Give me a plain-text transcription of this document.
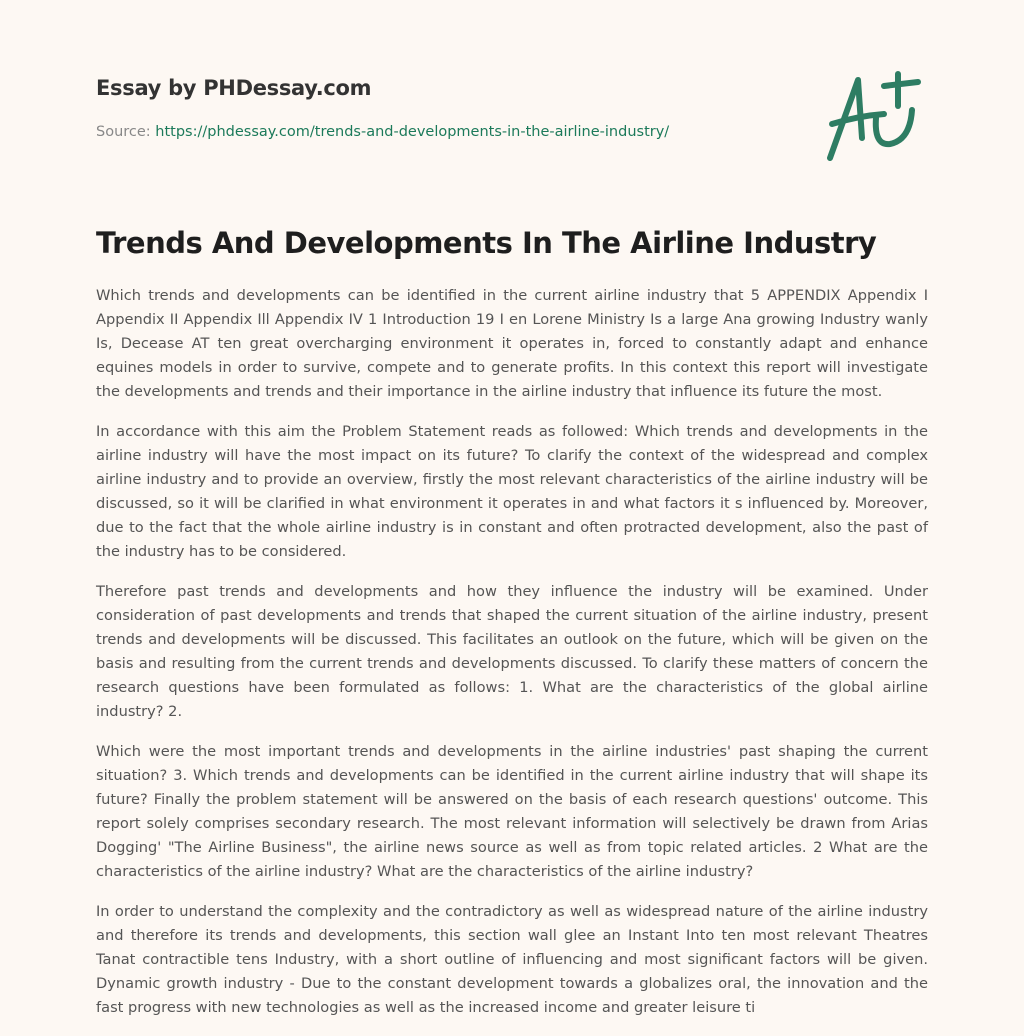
Essay by PHDessay.com
Source: https://phdessay.com/trends-and-developments-in-the-airline-industry/
Trends And Developments In The Airline Industry

Which trends and developments can be identified in the current airline industry that 5 APPENDIX Appendix I Appendix II Appendix Ill Appendix IV 1 Introduction 19 I en Lorene Ministry Is a large Ana growing Industry wanly Is, Decease AT ten great overcharging environment it operates in, forced to constantly adapt and enhance equines models in order to survive, compete and to generate profits. In this context this report will investigate the developments and trends and their importance in the airline industry that influence its future the most.

In accordance with this aim the Problem Statement reads as followed: Which trends and developments in the airline industry will have the most impact on its future? To clarify the context of the widespread and complex airline industry and to provide an overview, firstly the most relevant characteristics of the airline industry will be discussed, so it will be clarified in what environment it operates in and what factors it s influenced by. Moreover, due to the fact that the whole airline industry is in constant and often protracted development, also the past of the industry has to be considered.

Therefore past trends and developments and how they influence the industry will be examined. Under consideration of past developments and trends that shaped the current situation of the airline industry, present trends and developments will be discussed. This facilitates an outlook on the future, which will be given on the basis and resulting from the current trends and developments discussed. To clarify these matters of concern the research questions have been formulated as follows: 1. What are the characteristics of the global airline industry? 2.

Which were the most important trends and developments in the airline industries' past shaping the current situation? 3. Which trends and developments can be identified in the current airline industry that will shape its future? Finally the problem statement will be answered on the basis of each research questions' outcome. This report solely comprises secondary research. The most relevant information will selectively be drawn from Arias Dogging' "The Airline Business", the airline news source as well as from topic related articles. 2 What are the characteristics of the airline industry? What are the characteristics of the airline industry?

In order to understand the complexity and the contradictory as well as widespread nature of the airline industry and therefore its trends and developments, this section wall glee an Instant Into ten most relevant Theatres Tanat contractible tens Industry, with a short outline of influencing and most significant factors will be given. Dynamic growth industry - Due to the constant development towards a globalizes oral, the innovation and the fast progress with new technologies as well as the increased income and greater leisure ti
